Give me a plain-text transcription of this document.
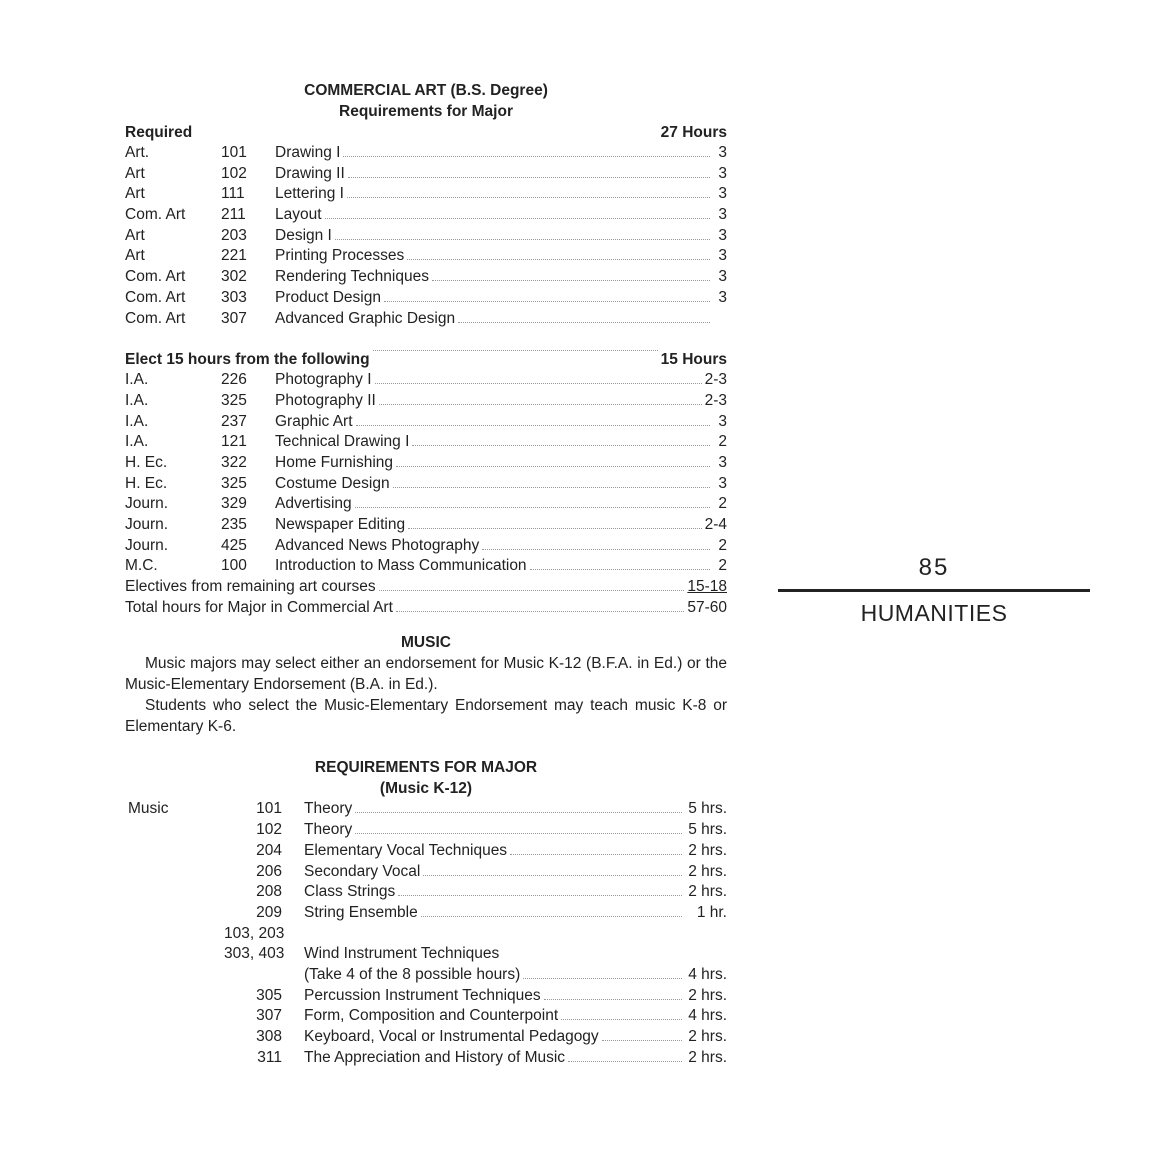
COMMERCIAL ART (B.S. Degree)
Requirements for Major
Required	27 Hours
Art.	101	Drawing I	3
Art	102	Drawing II	3
Art	111	Lettering I	3
Com. Art	211	Layout	3
Art	203	Design I	3
Art	221	Printing Processes	3
Com. Art	302	Rendering Techniques	3
Com. Art	303	Product Design	3
Com. Art	307	Advanced Graphic Design
Elect 15 hours from the following	15 Hours
I.A.	226	Photography I	2-3
I.A.	325	Photography II	2-3
I.A.	237	Graphic Art	3
I.A.	121	Technical Drawing I	2
H. Ec.	322	Home Furnishing	3
H. Ec.	325	Costume Design	3
Journ.	329	Advertising	2
Journ.	235	Newspaper Editing	2-4
Journ.	425	Advanced News Photography	2
M.C.	100	Introduction to Mass Communication	2
Electives from remaining art courses	15-18
Total hours for Major in Commercial Art	57-60
MUSIC

Music majors may select either an endorsement for Music K-12 (B.F.A. in Ed.) or the Music-Elementary Endorsement (B.A. in Ed.).

Students who select the Music-Elementary Endorsement may teach music K-8 or Elementary K-6.

REQUIREMENTS FOR MAJOR
(Music K-12)
Music	101	Theory	5 hrs.
102	Theory	5 hrs.
204	Elementary Vocal Techniques	2 hrs.
206	Secondary Vocal	2 hrs.
208	Class Strings	2 hrs.
209	String Ensemble	1 hr.
103, 203
303, 403	Wind Instrument Techniques
(Take 4 of the 8 possible hours)	4 hrs.
305	Percussion Instrument Techniques	2 hrs.
307	Form, Composition and Counterpoint	4 hrs.
308	Keyboard, Vocal or Instrumental Pedagogy	2 hrs.
311	The Appreciation and History of Music	2 hrs.
85
HUMANITIES
